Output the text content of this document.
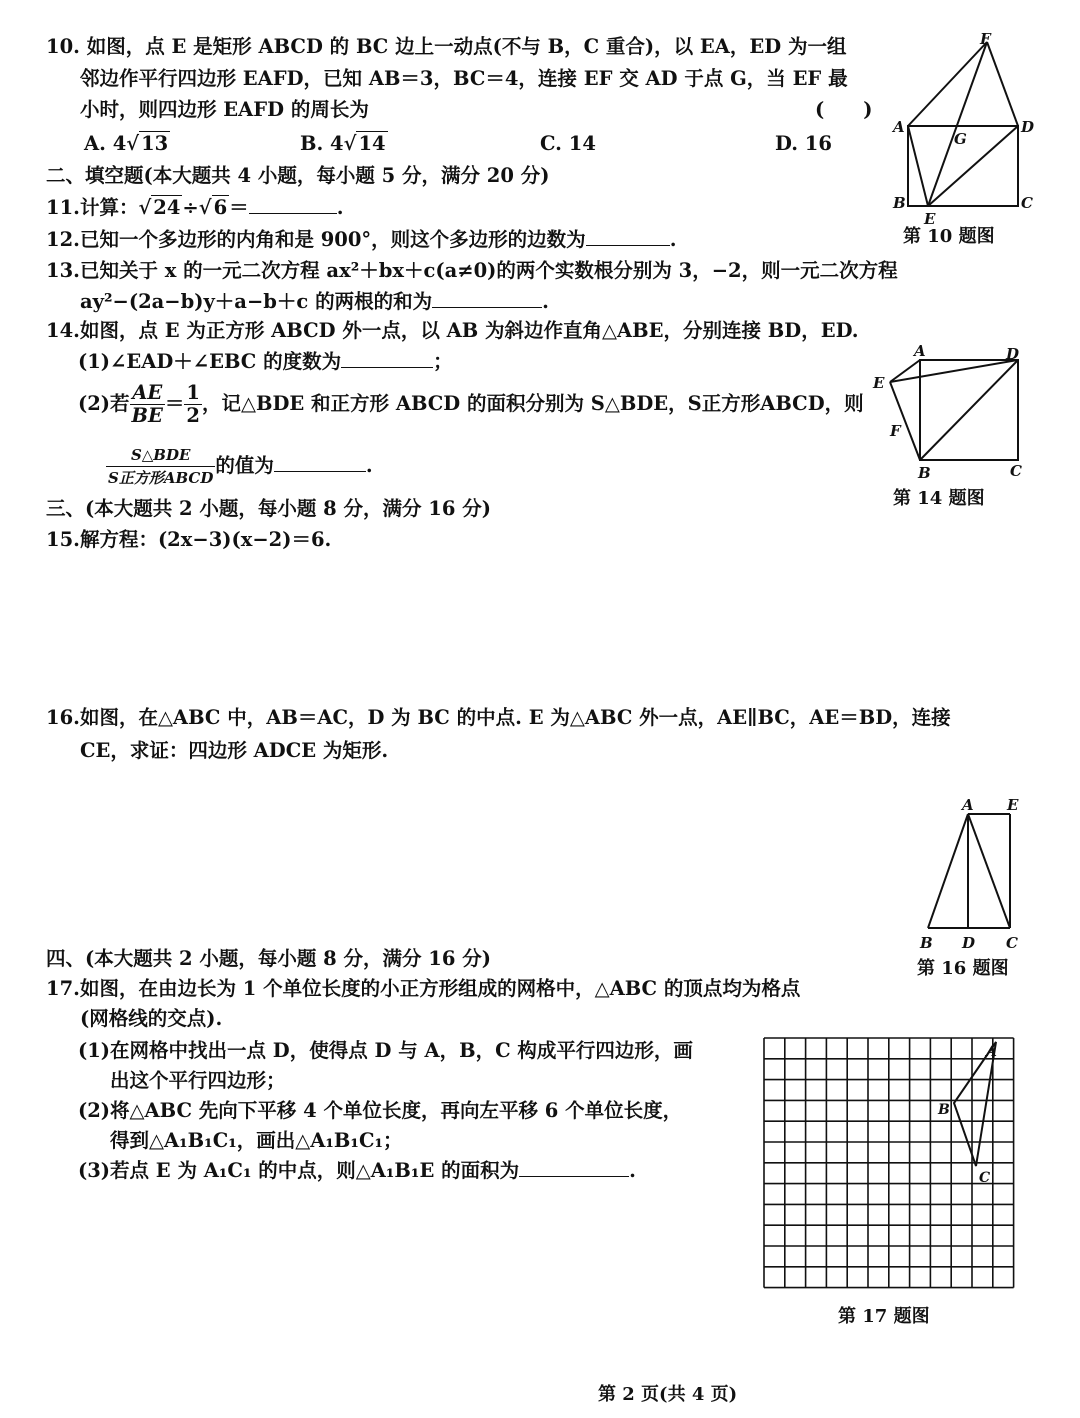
10. 如图，点 E 是矩形 ABCD 的 BC 边上一动点(不与 B，C 重合)，以 EA，ED 为一组
邻边作平行四边形 EAFD，已知 AB＝3，BC＝4，连接 EF 交 AD 于点 G，当 EF 最
小时，则四边形 EAFD 的周长为	(　　)
A. 4√ 13	B. 4√ 14	C. 14	D. 16
F
A
G
D
B
E
C
第 10 题图
二、填空题(本大题共 4 小题，每小题 5 分，满分 20 分)
11.计算：√ 24 ÷√ 6 ＝	.
12.已知一个多边形的内角和是 900°，则这个多边形的边数为	.
13.已知关于 x 的一元二次方程 ax²＋bx＋c(a≠0)的两个实数根分别为 3，−2，则一元二次方程
ay²−(2a−b)y＋a−b＋c 的两根的和为	.
14.如图，点 E 为正方形 ABCD 外一点，以 AB 为斜边作直角△ABE，分别连接 BD，ED.
(1)∠EAD＋∠EBC 的度数为	；
(2)若 $\frac{AE}{BE} = \frac{1}{2}$ ，记△BDE 和正方形 ABCD 的面积分别为 S△BDE，S正方形ABCD，则
$\frac{\text{S△BDE}}{\text{S正方形ABCD}}$ 的值为	.
A	D
E
F
B	C
第 14 题图
三、(本大题共 2 小题，每小题 8 分，满分 16 分)
15.解方程：(2x−3)(x−2)＝6.
16.如图，在△ABC 中，AB＝AC，D 为 BC 的中点. E 为△ABC 外一点，AE∥BC，AE＝BD，连接
CE，求证：四边形 ADCE 为矩形.
A E
B D C
第 16 题图
四、(本大题共 2 小题，每小题 8 分，满分 16 分)
17.如图，在由边长为 1 个单位长度的小正方形组成的网格中，△ABC 的顶点均为格点
(网格线的交点).
(1)在网格中找出一点 D，使得点 D 与 A，B，C 构成平行四边形，画
出这个平行四边形；
(2)将△ABC 先向下平移 4 个单位长度，再向左平移 6 个单位长度，
得到△A₁B₁C₁，画出△A₁B₁C₁；
(3)若点 E 为 A₁C₁ 的中点，则△A₁B₁E 的面积为	.
A
B
C
第 17 题图
第 2 页(共 4 页)
